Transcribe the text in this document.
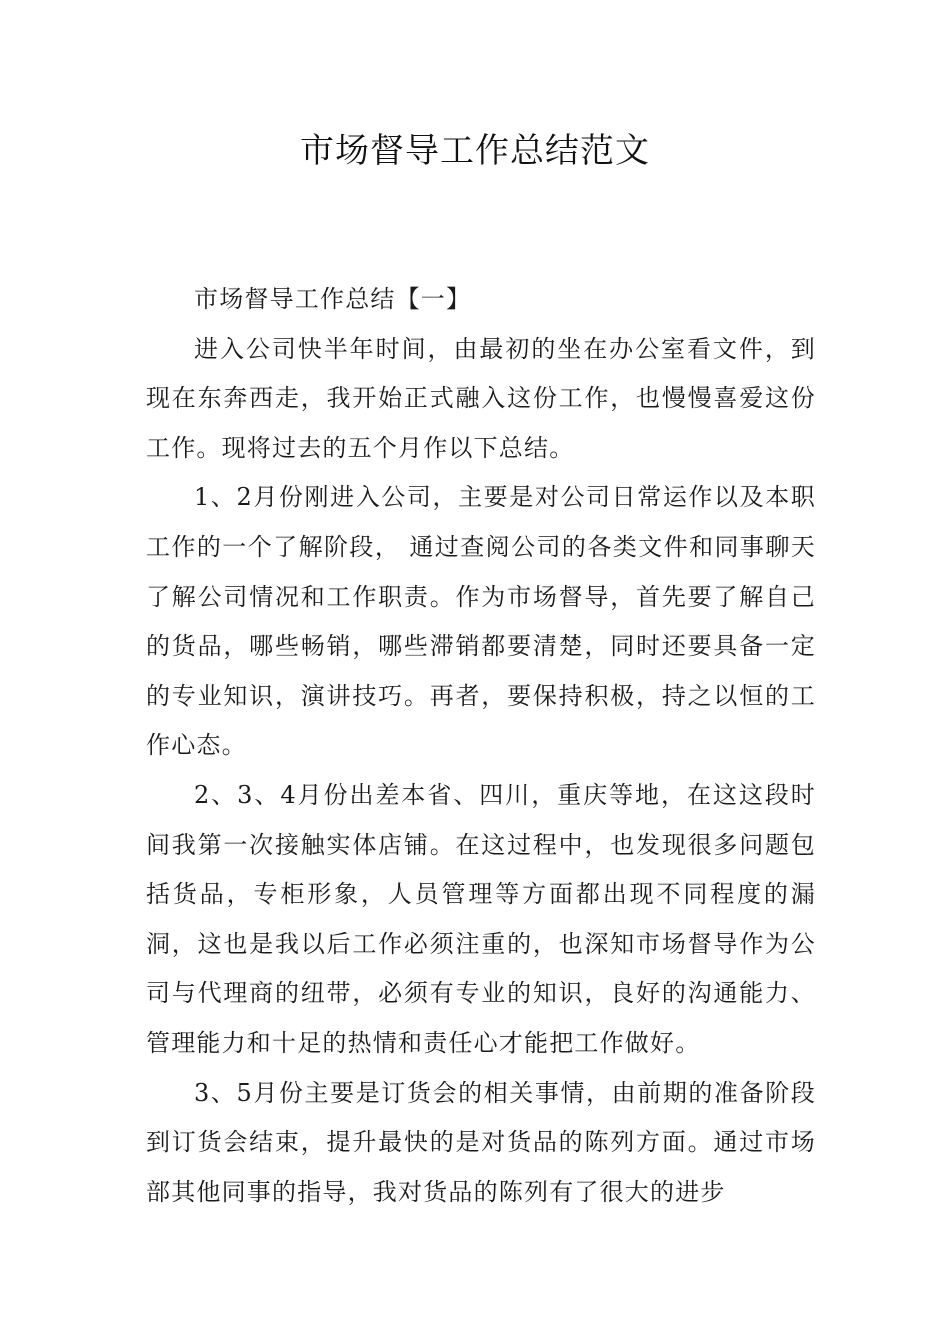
市场督导工作总结范文

市场督导工作总结【一】

进入公司快半年时间，由最初的坐在办公室看文件，到现在东奔西走，我开始正式融入这份工作，也慢慢喜爱这份工作。现将过去的五个月作以下总结。

1、2月份刚进入公司，主要是对公司日常运作以及本职工作的一个了解阶段， 通过查阅公司的各类文件和同事聊天了解公司情况和工作职责。作为市场督导，首先要了解自己的货品，哪些畅销，哪些滞销都要清楚，同时还要具备一定的专业知识，演讲技巧。再者，要保持积极，持之以恒的工作心态。

2、3、4月份出差本省、四川，重庆等地，在这这段时间我第一次接触实体店铺。在这过程中，也发现很多问题包括货品，专柜形象，人员管理等方面都出现不同程度的漏洞，这也是我以后工作必须注重的，也深知市场督导作为公司与代理商的纽带，必须有专业的知识，良好的沟通能力、管理能力和十足的热情和责任心才能把工作做好。

3、5月份主要是订货会的相关事情，由前期的准备阶段到订货会结束，提升最快的是对货品的陈列方面。通过市场部其他同事的指导，我对货品的陈列有了很大的进步
